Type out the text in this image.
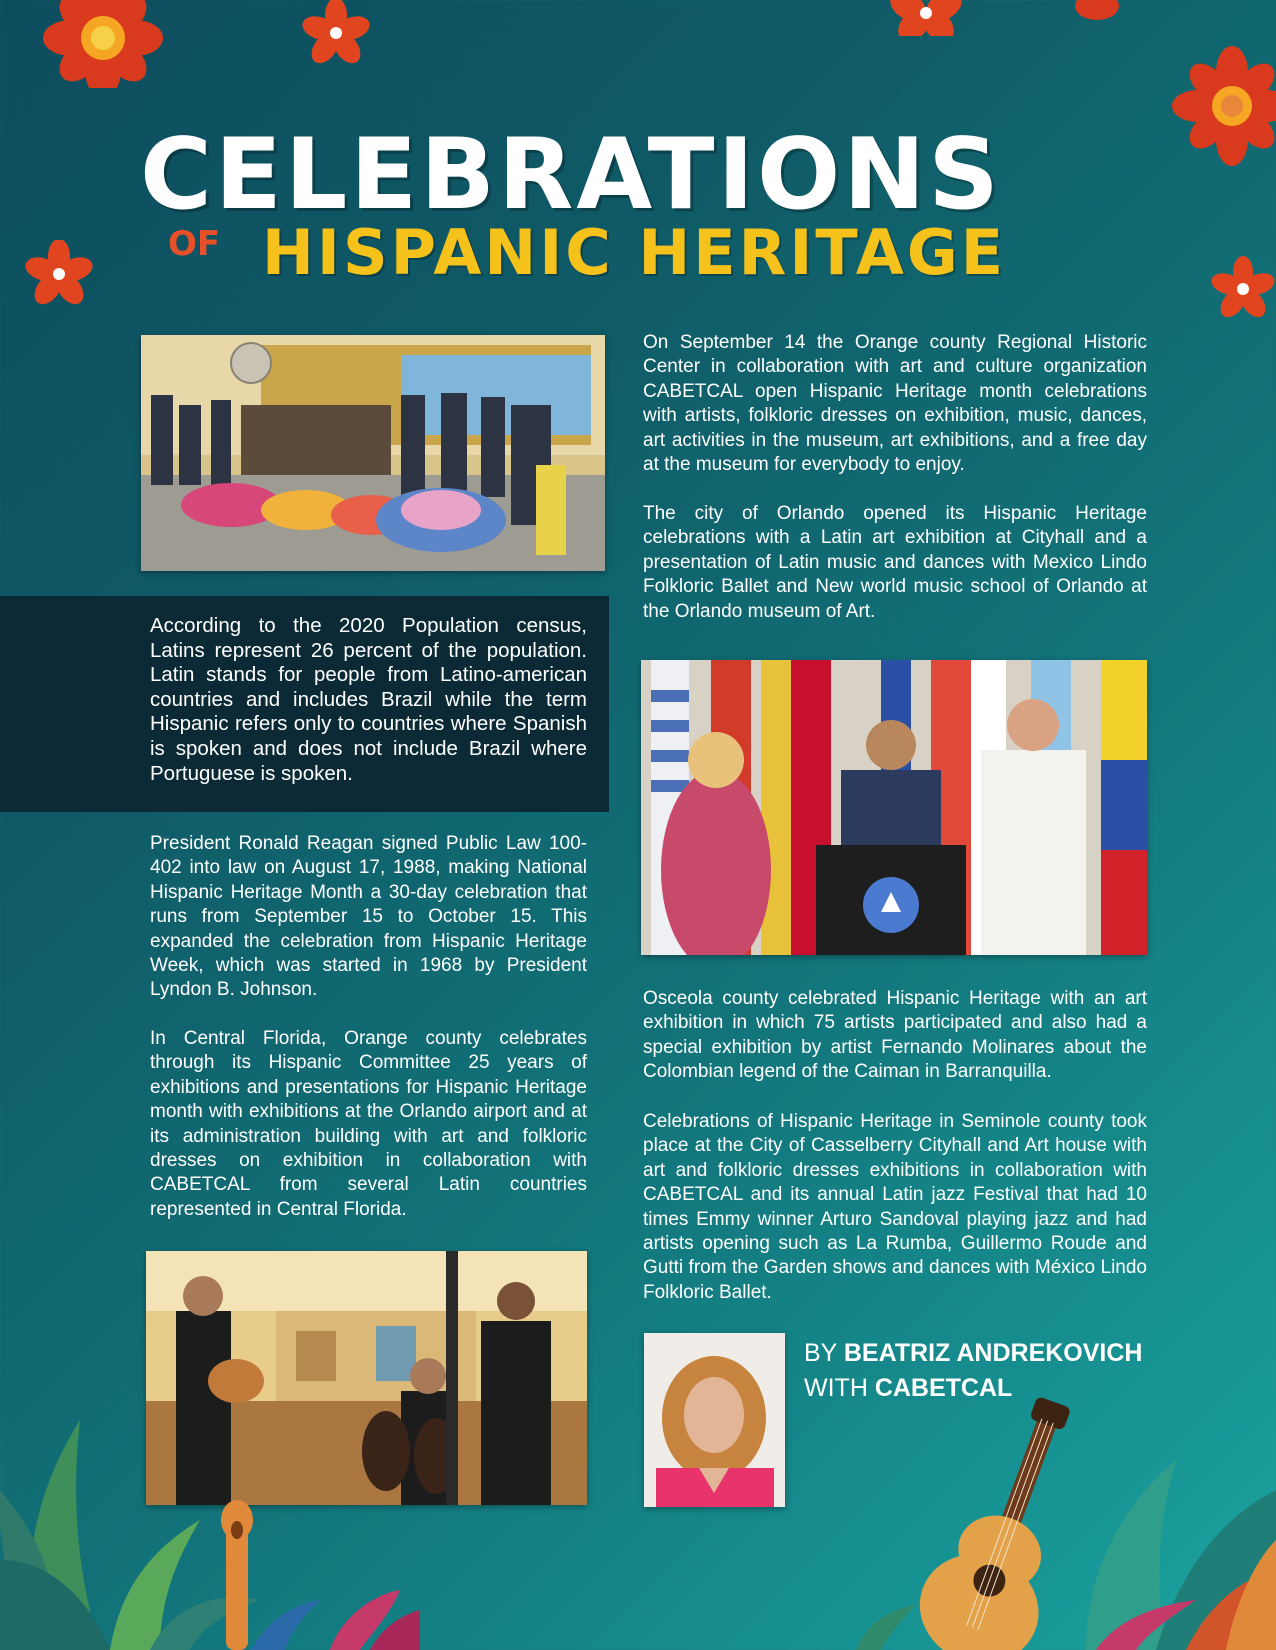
CELEBRATIONS
OF HISPANIC HERITAGE

According to the 2020 Population census, Latins represent 26 percent of the population. Latin stands for people from Latino-american countries and includes Brazil while the term Hispanic refers only to countries where Spanish is spoken and does not include Brazil where Portuguese is spoken.

President Ronald Reagan signed Public Law 100-402 into law on August 17, 1988, making National Hispanic Heritage Month a 30-day celebration that runs from September 15 to October 15. This expanded the celebration from Hispanic Heritage Week, which was started in 1968 by President Lyndon B. Johnson.

In Central Florida, Orange county celebrates through its Hispanic Committee 25 years of exhibitions and presentations for Hispanic Heritage month with exhibitions at the Orlando airport and at its administration building with art and folkloric dresses on exhibition in collaboration with CABETCAL from several Latin countries represented in Central Florida.

On September 14 the Orange county Regional Historic Center in collaboration with art and culture organization CABETCAL open Hispanic Heritage month celebrations with artists, folkloric dresses on exhibition, music, dances, art activities in the museum, art exhibitions, and a free day at the museum for everybody to enjoy.

The city of Orlando opened its Hispanic Heritage celebrations with a Latin art exhibition at Cityhall and a presentation of Latin music and dances with Mexico Lindo Folkloric Ballet and New world music school of Orlando at the Orlando museum of Art.

Osceola county celebrated Hispanic Heritage with an art exhibition in which 75 artists participated and also had a special exhibition by artist Fernando Molinares about the Colombian legend of the Caiman in Barranquilla.

Celebrations of Hispanic Heritage in Seminole county took place at the City of Casselberry Cityhall and Art house with art and folkloric dresses exhibitions in collaboration with CABETCAL and its annual Latin jazz Festival that had 10 times Emmy winner Arturo Sandoval playing jazz and had artists opening such as La Rumba, Guillermo Roude and Gutti from the Garden shows and dances with México Lindo Folkloric Ballet.

BY BEATRIZ ANDREKOVICH
WITH CABETCAL
